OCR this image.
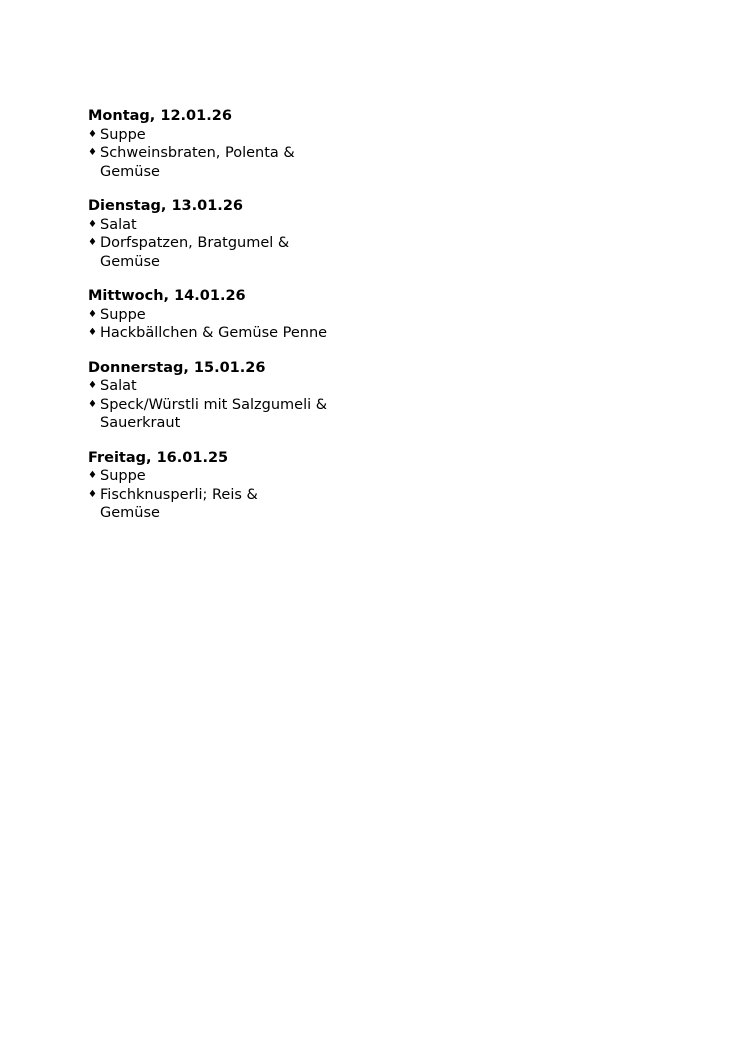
Montag, 12.01.26
♦ Suppe
♦ Schweinsbraten, Polenta &
Gemüse
Dienstag, 13.01.26
♦ Salat
♦ Dorfspatzen, Bratgumel &
Gemüse
Mittwoch, 14.01.26
♦ Suppe
♦ Hackbällchen & Gemüse Penne
Donnerstag, 15.01.26
♦ Salat
♦ Speck/Würstli mit Salzgumeli &
Sauerkraut
Freitag, 16.01.25
♦ Suppe
♦ Fischknusperli; Reis &
Gemüse
